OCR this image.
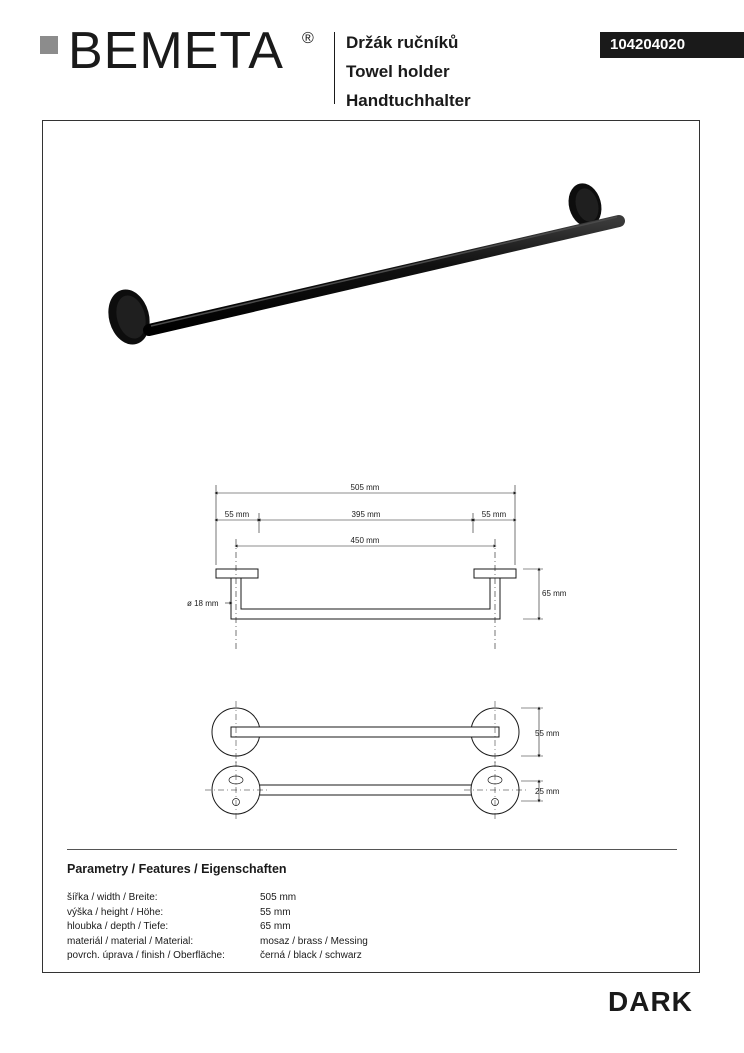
BEMETA ® Držák ručníků
Towel holder
Handtuchhalter
104204020
505 mm
55 mm	395 mm	55 mm
450 mm
65 mm
ø 18 mm
55 mm
25 mm
Parametry / Features / Eigenschaften
šířka / width / Breite:	505 mm
výška / height / Höhe:	55 mm
hloubka / depth / Tiefe:	65 mm
materiál / material / Material:	mosaz / brass / Messing
povrch. úprava / finish / Oberfläche:	černá / black / schwarz
DARK
